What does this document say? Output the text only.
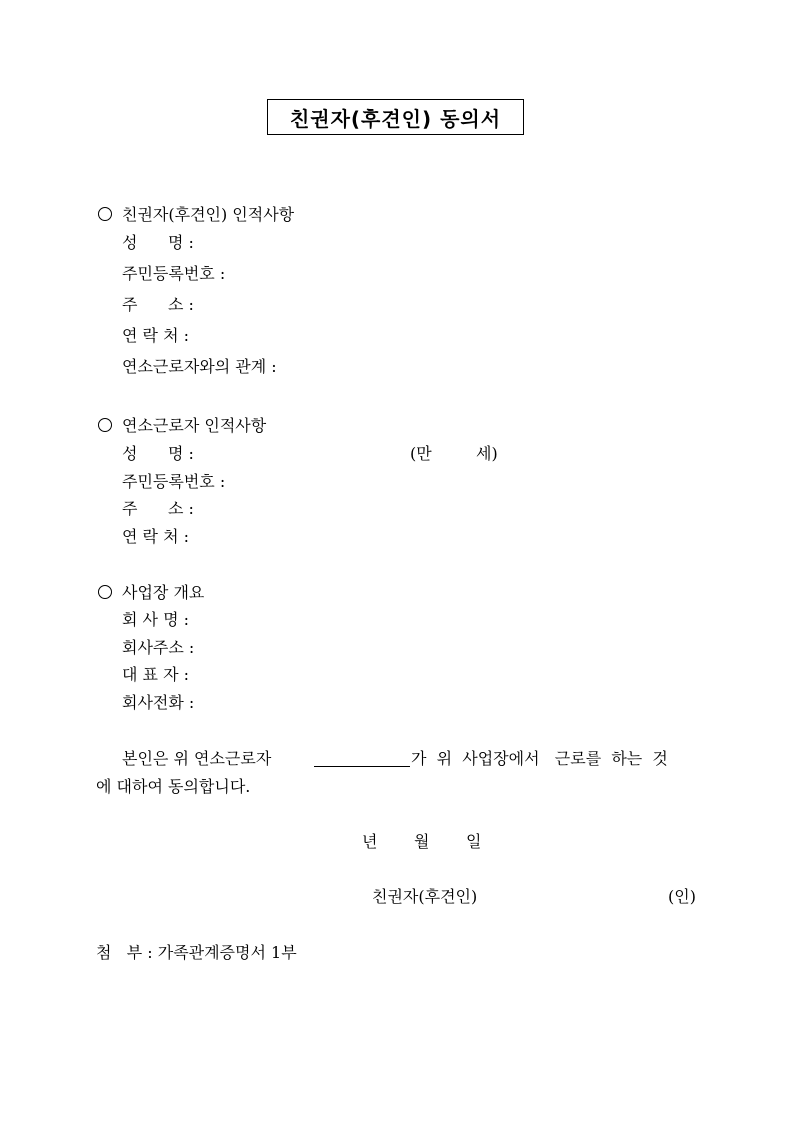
친권자(후견인) 동의서
친권자(후견인) 인적사항
성      명 :
주민등록번호 :
주      소 :
연 락 처 :
연소근로자와의 관계 :
연소근로자 인적사항
성      명 :	(만	세)
주민등록번호 :
주      소 :
연 락 처 :
사업장 개요
회 사 명 :
회사주소 :
대 표 자 :
회사전화 :
본인은 위 연소근로자	가  위  사업장에서   근로를  하는  것
에 대하여 동의합니다.
년 월 일
친권자(후견인)	(인)
첨   부 : 가족관계증명서 1부
